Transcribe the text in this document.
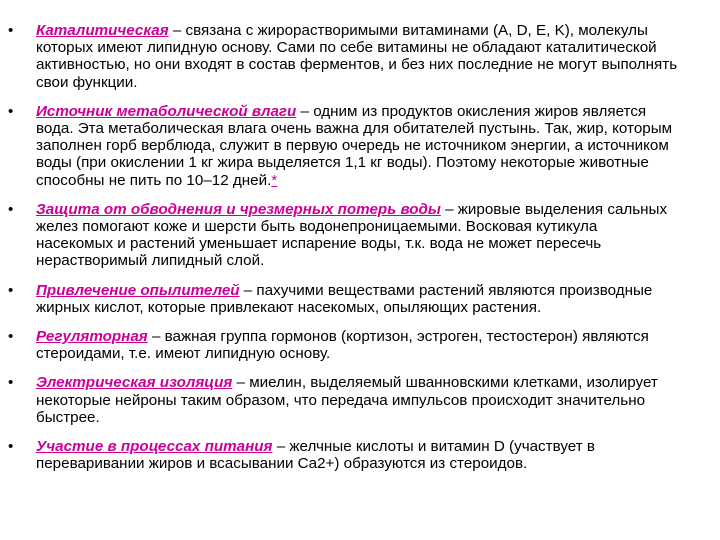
• Каталитическая – связана с жирорастворимыми витаминами (A, D, E, K), молекулы которых имеют липидную основу. Сами по себе витамины не обладают каталитической активностью, но они входят в состав ферментов, и без них последние не могут выполнять свои функции.
• Источник метаболической влаги – одним из продуктов окисления жиров является вода. Эта метаболическая влага очень важна для обитателей пустынь. Так, жир, которым заполнен горб верблюда, служит в первую очередь не источником энергии, а источником воды (при окислении 1 кг жира выделяется 1,1 кг воды). Поэтому некоторые животные способны не пить по 10–12 дней.*
• Защита от обводнения и чрезмерных потерь воды – жировые выделения сальных желез помогают коже и шерсти быть водонепроницаемыми. Восковая кутикула насекомых и растений уменьшает испарение воды, т.к. вода не может пересечь нерастворимый липидный слой.
• Привлечение опылителей – пахучими веществами растений являются производные жирных кислот, которые привлекают насекомых, опыляющих растения.
• Регуляторная – важная группа гормонов (кортизон, эстроген, тестостерон) являются стероидами, т.е. имеют липидную основу.
• Электрическая изоляция – миелин, выделяемый шванновскими клетками, изолирует некоторые нейроны таким образом, что передача импульсов происходит значительно быстрее.
• Участие в процессах питания – желчные кислоты и витамин D (участвует в переваривании жиров и всасывании Ca2+) образуются из стероидов.
